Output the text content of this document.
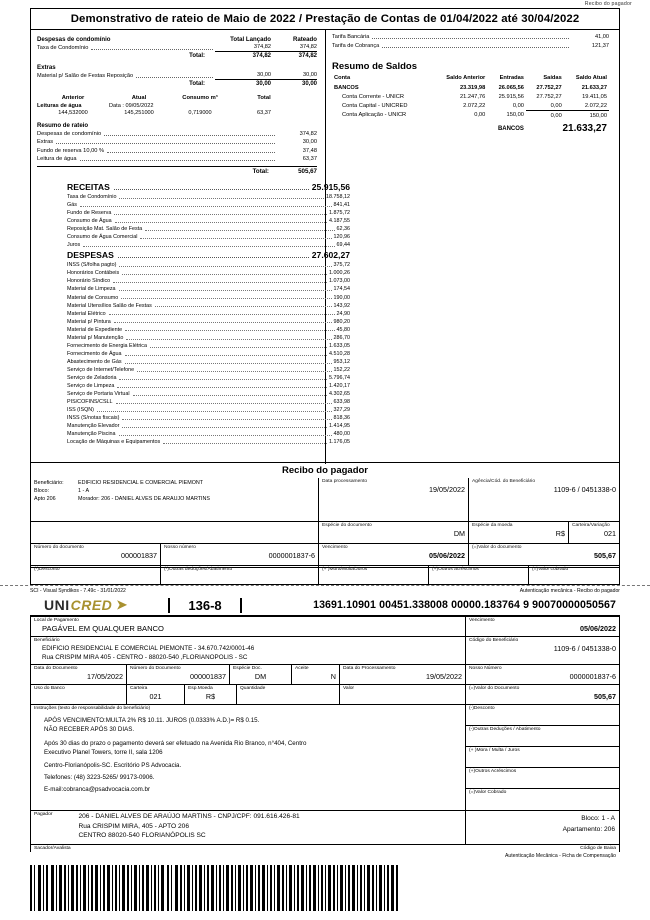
Recibo do pagador
Demonstrativo de rateio de Maio de 2022 / Prestação de Contas de 01/04/2022 até 30/04/2022
Despesas de condomínio	Total Lançado	Rateado
Taxa de Condomínio	374,82	374,82
Total:	374,82	374,82
Extras
Material p/ Salão de Festas Reposição	30,00	30,00
Total:	30,00	30,00
Anterior	Atual	Consumo m³	Total
Leituras de água	Data : 09/05/2022
144,532000	145,251000	0,719000	63,37
Resumo de rateio
Despesas de condomínio	374,82
Extras	30,00
Fundo de reserva 10,00 %	37,48
Leitura de água	63,37
Total:	505,67
Tarifa Bancária	41,00
Tarifa de Cobrança	121,37
Resumo de Saldos
Conta	Saldo Anterior	Entradas	Saídas	Saldo Atual
BANCOS	23.319,98	26.065,56	27.752,27	21.633,27
Conta Corrente - UNICR	21.247,76	25.915,56	27.752,27	19.411,05
Conta Capital - UNICRED	2.072,22	0,00	0,00	2.072,22
Conta Aplicação - UNICR	0,00	150,00	0,00	150,00
		BANCOS	21.633,27	
RECEITAS	25.915,56
Taxa de Condomínio	18.758,12
Gás	841,41
Fundo de Reserva	1.875,72
Consumo de Água	4.187,55
Reposição Mat. Salão de Festa	62,36
Consumo de Água Comercial	120,96
Juros	69,44
DESPESAS	27.602,27
INSS (S/folha pagto)	375,72
Honorários Contábeis	1.000,26
Honorário Síndico	1.073,00
Material de Limpeza	174,54
Material de Consumo	190,00
Material Utensílios Salão de Festas	143,92
Material Elétrico	24,90
Material p/ Pintura	980,20
Material de Expediente	45,80
Material p/ Manutenção	286,70
Fornecimento de Energia Elétrica	1.633,05
Fornecimento de Água	4.510,28
Abastecimento de Gás	953,12
Serviço de Internet/Telefone	152,22
Serviço de Zeladoria	5.796,74
Serviço de Limpeza	1.420,17
Serviço de Portaria Virtual	4.302,65
PIS/COFINS/CSLL	633,98
ISS (ISQN)	327,29
INSS (S/notas fiscais)	818,36
Manutenção Elevador	1.414,95
Manutenção Piscina	480,00
Locação de Máquinas e Equipamentos	1.176,05
Recibo do pagador
Beneficiário:	EDIFICIO RESIDENCIAL E COMERCIAL PIEMONT
Bloco:	1 - A
Apto 206	Morador: 206 - DANIEL ALVES DE ARAUJO MARTINS
Data processamento
19/05/2022
Agência/Cód. do Beneficiário
1109-6 / 0451338-0
Espécie do documento
DM
Espécie da moeda
R$
Carteira/Variação
021
Número do documento
000001837
Nosso número
0000001837-6
Vencimento
05/06/2022
(=)Valor do documento
505,67
(-)Desconto	(-)Outras deduções/Abatimento	(+ )Mora/Multa/Juros	(+)Outros acréscimos	(=)Valor cobrado
SCI - Visual Syndikos - 7.49c - 31/01/2022	Autenticação mecânica - Recibo do pagador
UNI CRED ➤	136-8	13691.10901 00451.338008 00000.183764 9 90070000050567
Local de Pagamento
PAGÁVEL EM QUALQUER BANCO
Vencimento
05/06/2022
Beneficiário
EDIFICIO RESIDENCIAL E COMERCIAL PIEMONTE - 34.670.742/0001-46
Rua CRISPIM MIRA 405 - CENTRO - 88020-540 ,FLORIANOPOLIS - SC
Código do Beneficiário
1109-6 / 0451338-0
Data do Documento
17/05/2022
Número do Documento
000001837
Espécie Doc.
DM
Aceite
N
Data do Processamento
19/05/2022
Nosso Número
0000001837-6
Uso do Banco	Carteira
021
Esp.Moeda
R$
Quantidade	Valor	(=)Valor do Documento
505,67
Instruções (texto de responsabilidade do beneficiário)
APÓS VENCIMENTO:MULTA 2% R$ 10.11. JUROS (0.0333% A.D.)= R$ 0.15.
NÃO RECEBER APÓS 30 DIAS.
Após 30 dias do prazo o pagamento deverá ser efetuado na Avenida Rio Branco, n°404, Centro
Executivo Planel Towers, torre II, sala 1206
Centro-Florianópolis-SC. Escritório PS Advocacia.
Telefones: (48) 3223-5265/ 99173-0906.
E-mail:cobranca@psadvocacia.com.br
(-)Desconto
(-)Outras Deduções / Abatimento
(+ )Mora / Multa / Juros
(+)Outros Acréscimos
(=)Valor Cobrado
Pagador	206 - DANIEL ALVES DE ARAÚJO MARTINS - CNPJ/CPF: 091.616.426-81
Rua CRISPIM MIRA, 405 - APTO 206
CENTRO 88020-540 FLORIANÓPOLIS SC
Bloco: 1 - A
Apartamento: 206
Sacador/Avalista	Código de Baixa
Autenticação Mecânica - Ficha de Compensação
